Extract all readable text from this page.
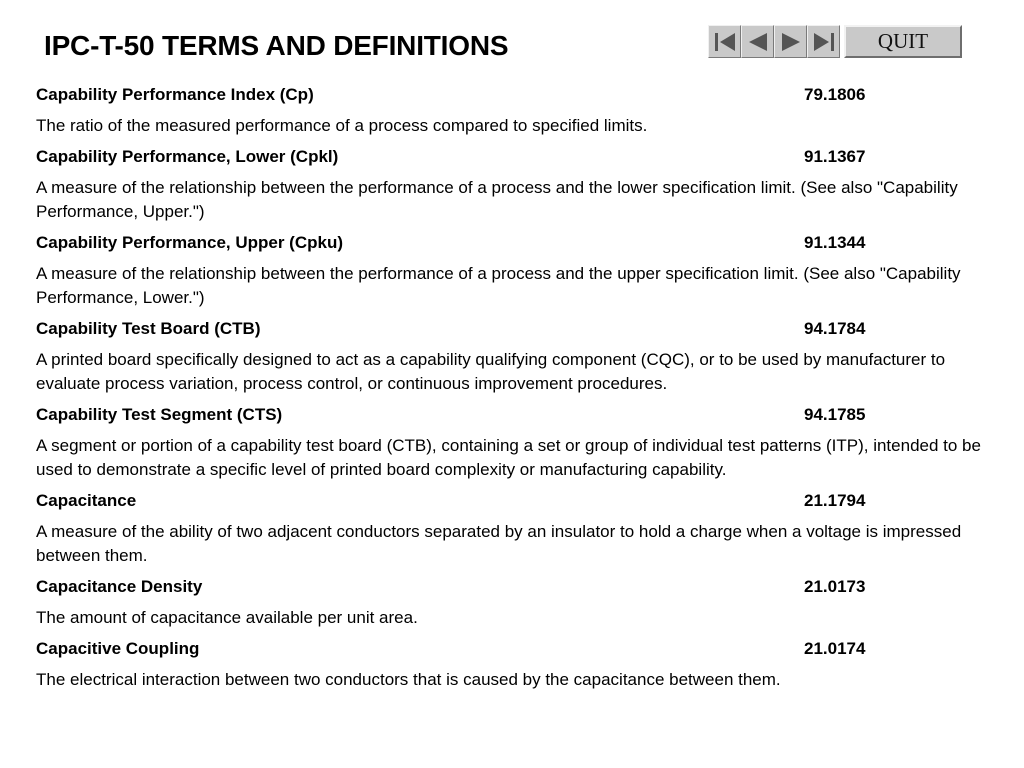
IPC-T-50 TERMS AND DEFINITIONS	QUIT
Capability Performance Index (Cp)	79.1806

The ratio of the measured performance of a process compared to specified limits.

Capability Performance, Lower (Cpkl)	91.1367

A measure of the relationship between the performance of a process and the lower specification limit. (See also "Capability Performance, Upper.")

Capability Performance, Upper (Cpku)	91.1344

A measure of the relationship between the performance of a process and the upper specification limit. (See also "Capability Performance, Lower.")

Capability Test Board (CTB)	94.1784

A printed board specifically designed to act as a capability qualifying component (CQC), or to be used by manufacturer to evaluate process variation, process control, or continuous improvement procedures.

Capability Test Segment (CTS)	94.1785

A segment or portion of a capability test board (CTB), containing a set or group of individual test patterns (ITP), intended to be used to demonstrate a specific level of printed board complexity or manufacturing capability.

Capacitance	21.1794

A measure of the ability of two adjacent conductors separated by an insulator to hold a charge when a voltage is impressed between them.

Capacitance Density	21.0173

The amount of capacitance available per unit area.

Capacitive Coupling	21.0174

The electrical interaction between two conductors that is caused by the capacitance between them.
